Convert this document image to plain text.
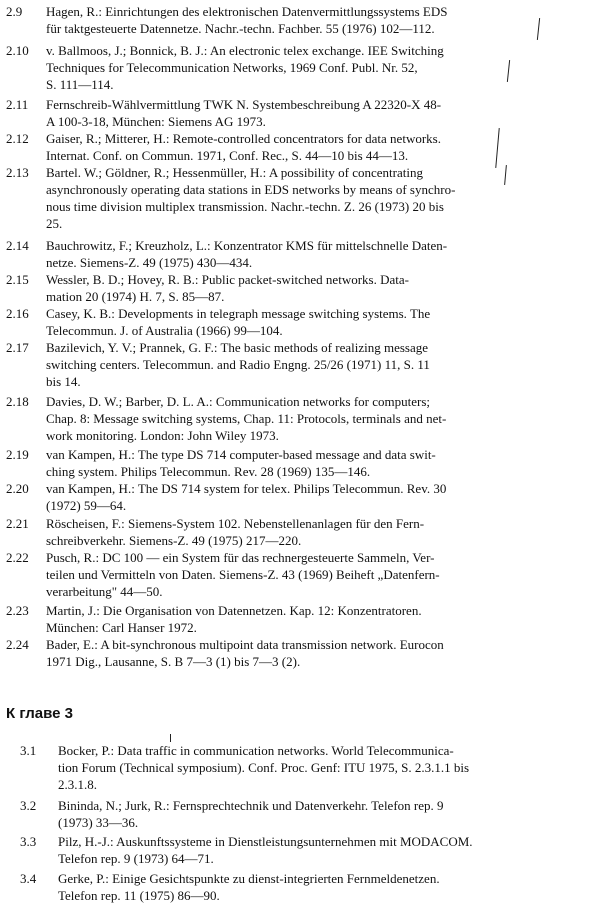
2.9 Hagen, R.: Einrichtungen des elektronischen Datenvermittlungssystems EDS
für taktgesteuerte Datennetze. Nachr.-techn. Fachber. 55 (1976) 102—112.
2.10 v. Ballmoos, J.; Bonnick, B. J.: An electronic telex exchange. IEE Switching
Techniques for Telecommunication Networks, 1969 Conf. Publ. Nr. 52,
S. 111—114.
2.11 Fernschreib-Wählvermittlung TWK N. Systembeschreibung A 22320-X 48-
A 100-3-18, München: Siemens AG 1973.
2.12 Gaiser, R.; Mitterer, H.: Remote-controlled concentrators for data networks.
Internat. Conf. on Commun. 1971, Conf. Rec., S. 44—10 bis 44—13.
2.13 Bartel. W.; Göldner, R.; Hessenmüller, H.: A possibility of concentrating
asynchronously operating data stations in EDS networks by means of synchro-
nous time division multiplex transmission. Nachr.-techn. Z. 26 (1973) 20 bis
25.
2.14 Bauchrowitz, F.; Kreuzholz, L.: Konzentrator KMS für mittelschnelle Daten-
netze. Siemens-Z. 49 (1975) 430—434.
2.15 Wessler, B. D.; Hovey, R. B.: Public packet-switched networks. Data-
mation 20 (1974) H. 7, S. 85—87.
2.16 Casey, K. B.: Developments in telegraph message switching systems. The
Telecommun. J. of Australia (1966) 99—104.
2.17 Bazilevich, Y. V.; Prannek, G. F.: The basic methods of realizing message
switching centers. Telecommun. and Radio Engng. 25/26 (1971) 11, S. 11
bis 14.
2.18 Davies, D. W.; Barber, D. L. A.: Communication networks for computers;
Chap. 8: Message switching systems, Chap. 11: Protocols, terminals and net-
work monitoring. London: John Wiley 1973.
2.19 van Kampen, H.: The type DS 714 computer-based message and data swit-
ching system. Philips Telecommun. Rev. 28 (1969) 135—146.
2.20 van Kampen, H.: The DS 714 system for telex. Philips Telecommun. Rev. 30
(1972) 59—64.
2.21 Röscheisen, F.: Siemens-System 102. Nebenstellenanlagen für den Fern-
schreibverkehr. Siemens-Z. 49 (1975) 217—220.
2.22 Pusch, R.: DC 100 — ein System für das rechnergesteuerte Sammeln, Ver-
teilen und Vermitteln von Daten. Siemens-Z. 43 (1969) Beiheft „Datenfern-
verarbeitung" 44—50.
2.23 Martin, J.: Die Organisation von Datennetzen. Kap. 12: Konzentratoren.
München: Carl Hanser 1972.
2.24 Bader, E.: A bit-synchronous multipoint data transmission network. Eurocon
1971 Dig., Lausanne, S. B 7—3 (1) bis 7—3 (2).
К главе 3
3.1 Bocker, P.: Data traffic in communication networks. World Telecommunica-
tion Forum (Technical symposium). Conf. Proc. Genf: ITU 1975, S. 2.3.1.1 bis
2.3.1.8.
3.2 Bininda, N.; Jurk, R.: Fernsprechtechnik und Datenverkehr. Telefon rep. 9
(1973) 33—36.
3.3 Pilz, H.-J.: Auskunftssysteme in Dienstleistungsunternehmen mit MODACOM.
Telefon rep. 9 (1973) 64—71.
3.4 Gerke, P.: Einige Gesichtspunkte zu dienst-integrierten Fernmeldenetzen.
Telefon rep. 11 (1975) 86—90.
